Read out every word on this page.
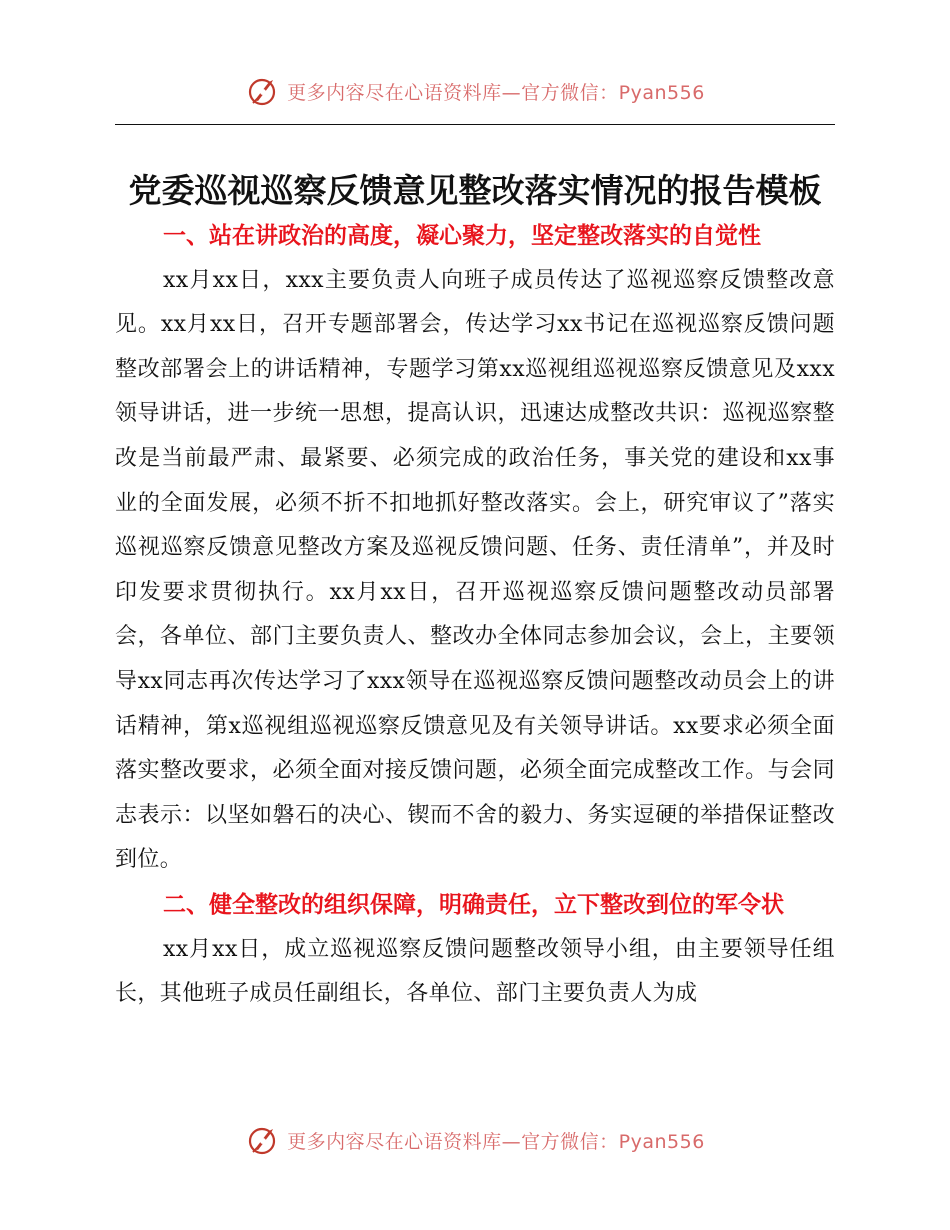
更多内容尽在心语资料库—官方微信：Pyan556
党委巡视巡察反馈意见整改落实情况的报告模板
一、站在讲政治的高度，凝心聚力，坚定整改落实的自觉性

xx月xx日，xxx主要负责人向班子成员传达了巡视巡察反馈整改意见。xx月xx日，召开专题部署会，传达学习xx书记在巡视巡察反馈问题整改部署会上的讲话精神，专题学习第xx巡视组巡视巡察反馈意见及xxx领导讲话，进一步统一思想，提高认识，迅速达成整改共识：巡视巡察整改是当前最严肃、最紧要、必须完成的政治任务，事关党的建设和xx事业的全面发展，必须不折不扣地抓好整改落实。会上，研究审议了”落实巡视巡察反馈意见整改方案及巡视反馈问题、任务、责任清单”，并及时印发要求贯彻执行。xx月xx日，召开巡视巡察反馈问题整改动员部署会，各单位、部门主要负责人、整改办全体同志参加会议，会上，主要领导xx同志再次传达学习了xxx领导在巡视巡察反馈问题整改动员会上的讲话精神，第x巡视组巡视巡察反馈意见及有关领导讲话。xx要求必须全面落实整改要求，必须全面对接反馈问题，必须全面完成整改工作。与会同志表示：以坚如磐石的决心、锲而不舍的毅力、务实逗硬的举措保证整改到位。

二、健全整改的组织保障，明确责任，立下整改到位的军令状

xx月xx日，成立巡视巡察反馈问题整改领导小组，由主要领导任组长，其他班子成员任副组长，各单位、部门主要负责人为成

更多内容尽在心语资料库—官方微信：Pyan556
